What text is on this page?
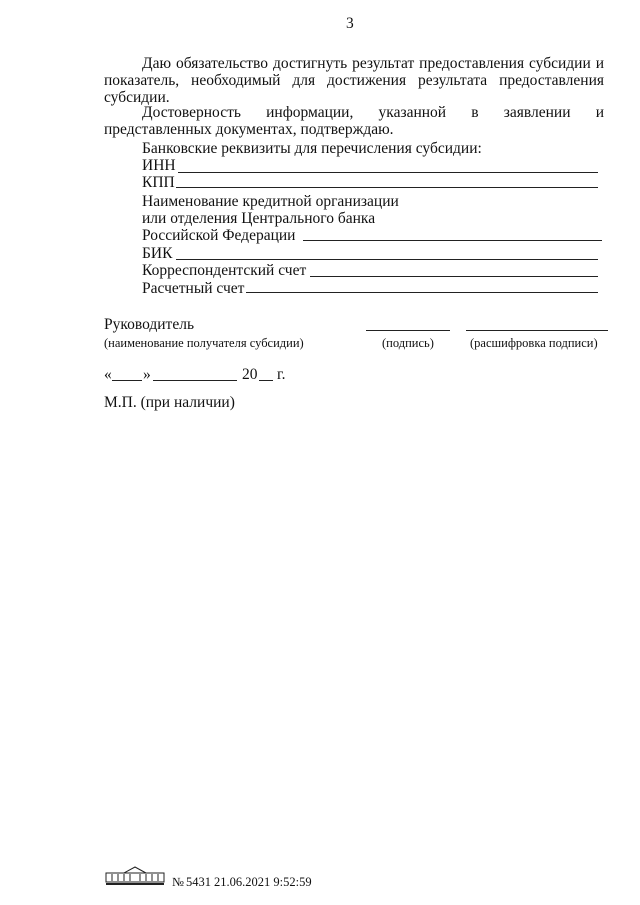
3
Даю обязательство достигнуть результат предоставления субсидии и показатель, необходимый для достижения результата предоставления субсидии.
Достоверность информации, указанной в заявлении и представленных документах, подтверждаю.
Банковские реквизиты для перечисления субсидии:
ИНН
КПП
Наименование кредитной организации
или отделения Центрального банка
Российской Федерации
БИК
Корреспондентский счет
Расчетный счет
Руководитель
(наименование получателя субсидии)	(подпись)	(расшифровка подписи)
« »	20 г.
М.П. (при наличии)
№ 5431 21.06.2021 9:52:59
